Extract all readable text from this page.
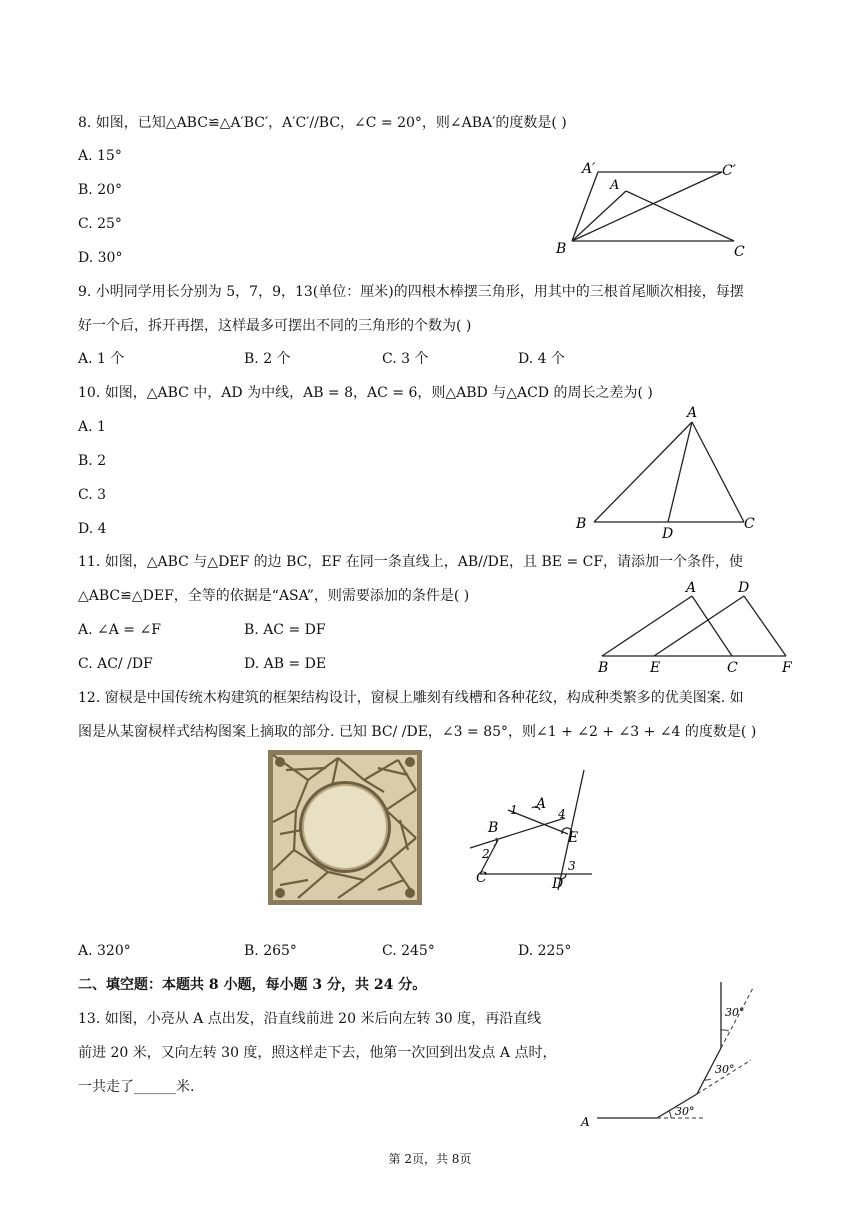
8. 如图，已知△ABC≌△A′BC′，A′C′//BC，∠C = 20°，则∠ABA′的度数是( )
A. 15°
B. 20°
C. 25°
D. 30°
A′
A
C′
B	C
9. 小明同学用长分别为 5，7，9，13(单位：厘米)的四根木棒摆三角形，用其中的三根首尾顺次相接，每摆
好一个后，拆开再摆，这样最多可摆出不同的三角形的个数为( )
A. 1 个	B. 2 个	C. 3 个	D. 4 个
10. 如图，△ABC 中，AD 为中线，AB = 8，AC = 6，则△ABD 与△ACD 的周长之差为( )
A. 1
B. 2
C. 3
D. 4
A
B	C
D
11. 如图，△ABC 与△DEF 的边 BC，EF 在同一条直线上，AB//DE，且 BE = CF，请添加一个条件，使
△ABC≌△DEF，全等的依据是“ASA”，则需要添加的条件是( )
A. ∠A = ∠F	B. AC = DF
C. AC/ /DF	D. AB = DE
A	D
B	E	C	F
12. 窗棂是中国传统木构建筑的框架结构设计，窗棂上雕刻有线槽和各种花纹，构成种类繁多的优美图案. 如
图是从某窗棂样式结构图案上摘取的部分. 已知 BC/ /DE，∠3 = 85°，则∠1 + ∠2 + ∠3 + ∠4 的度数是( )
1 A
4
B
E
2
C	D
3
A. 320°	B. 265°	C. 245°	D. 225°
二、填空题：本题共 8 小题，每小题 3 分，共 24 分。
13. 如图，小亮从 A 点出发，沿直线前进 20 米后向左转 30 度，再沿直线
前进 20 米，又向左转 30 度，照这样走下去，他第一次回到出发点 A 点时，
一共走了______米.
30°
30°
30°
A
第 2页，共 8页
